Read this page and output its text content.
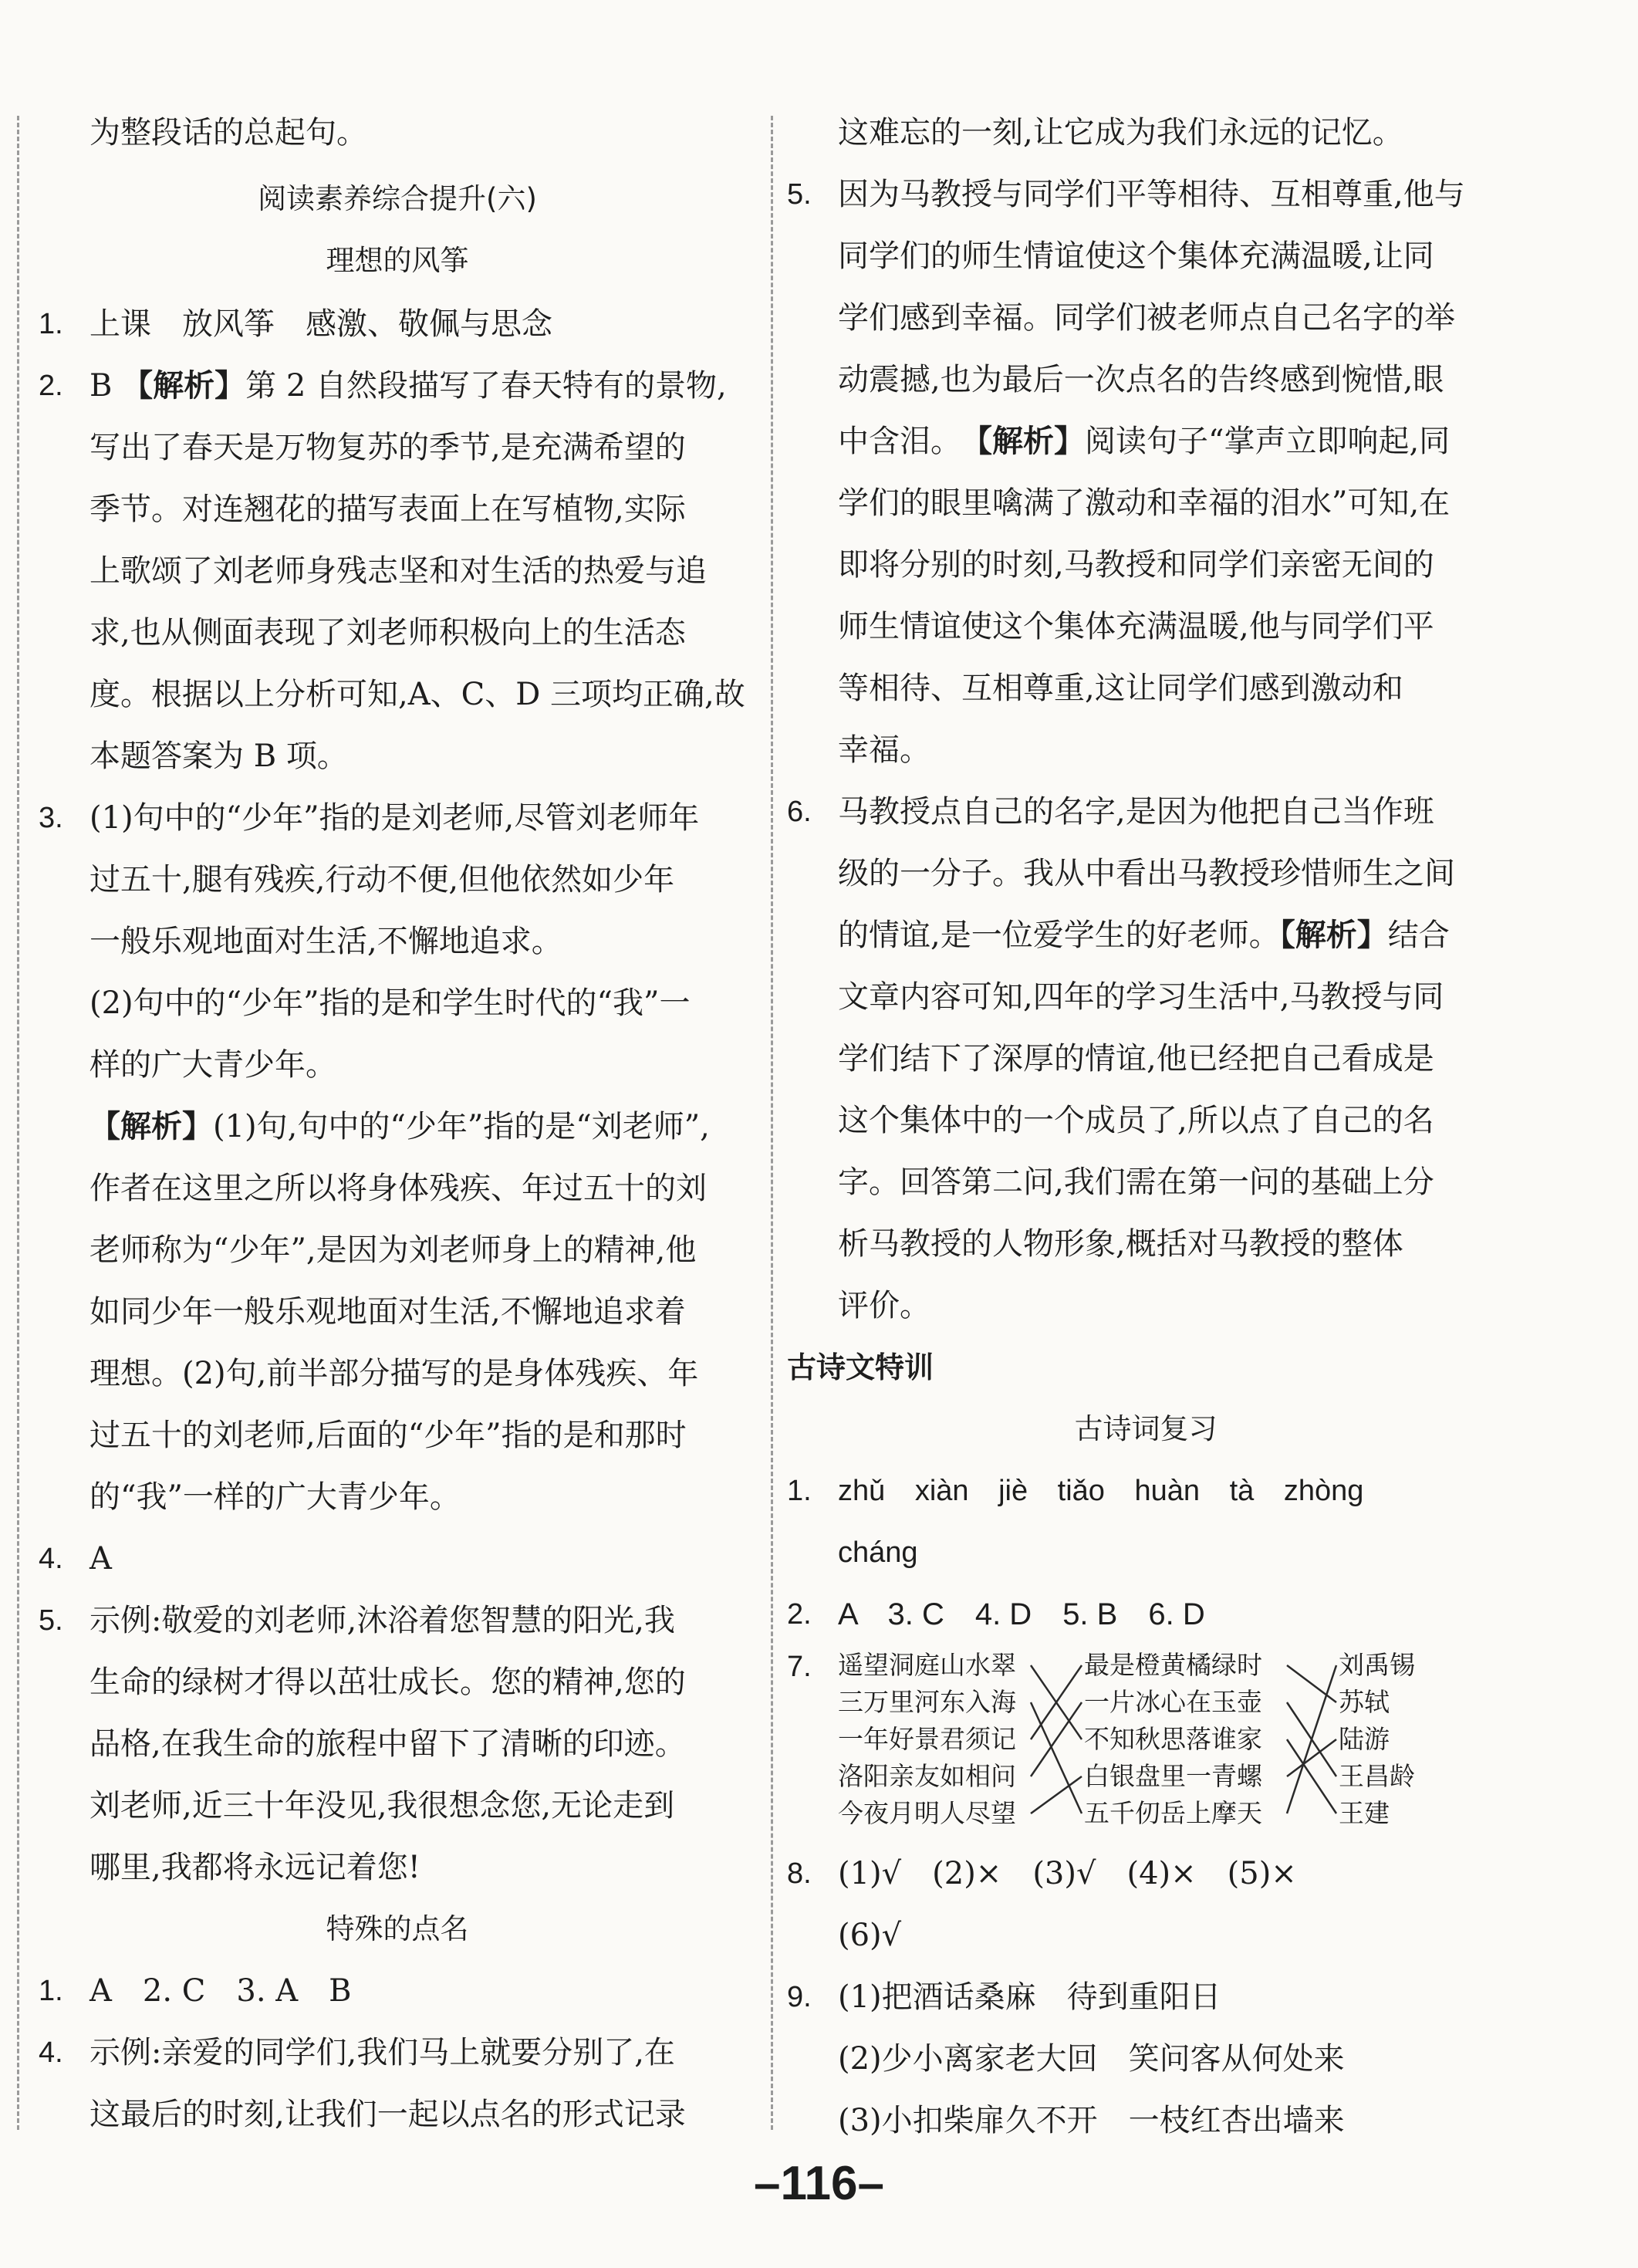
为整段话的总起句。
阅读素养综合提升(六)
理想的风筝
1. 上课　放风筝　感激、敬佩与思念
2. B 【解析】第 2 自然段描写了春天特有的景物,
写出了春天是万物复苏的季节,是充满希望的
季节。对连翘花的描写表面上在写植物,实际
上歌颂了刘老师身残志坚和对生活的热爱与追
求,也从侧面表现了刘老师积极向上的生活态
度。根据以上分析可知,A、C、D 三项均正确,故
本题答案为 B 项。
3. (1)句中的“少年”指的是刘老师,尽管刘老师年
过五十,腿有残疾,行动不便,但他依然如少年
一般乐观地面对生活,不懈地追求。
(2)句中的“少年”指的是和学生时代的“我”一
样的广大青少年。
【解析】(1)句,句中的“少年”指的是“刘老师”,
作者在这里之所以将身体残疾、年过五十的刘
老师称为“少年”,是因为刘老师身上的精神,他
如同少年一般乐观地面对生活,不懈地追求着
理想。(2)句,前半部分描写的是身体残疾、年
过五十的刘老师,后面的“少年”指的是和那时
的“我”一样的广大青少年。
4. A
5. 示例:敬爱的刘老师,沐浴着您智慧的阳光,我
生命的绿树才得以茁壮成长。您的精神,您的
品格,在我生命的旅程中留下了清晰的印迹。
刘老师,近三十年没见,我很想念您,无论走到
哪里,我都将永远记着您!
特殊的点名
1. A　2. C　3. A　B
4. 示例:亲爱的同学们,我们马上就要分别了,在
这最后的时刻,让我们一起以点名的形式记录
这难忘的一刻,让它成为我们永远的记忆。
5. 因为马教授与同学们平等相待、互相尊重,他与
同学们的师生情谊使这个集体充满温暖,让同
学们感到幸福。同学们被老师点自己名字的举
动震撼,也为最后一次点名的告终感到惋惜,眼
中含泪。　 【解析】阅读句子“掌声立即响起,同
学们的眼里噙满了激动和幸福的泪水”可知,在
即将分别的时刻,马教授和同学们亲密无间的
师生情谊使这个集体充满温暖,他与同学们平
等相待、互相尊重,这让同学们感到激动和
幸福。
6. 马教授点自己的名字,是因为他把自己当作班
级的一分子。我从中看出马教授珍惜师生之间
的情谊,是一位爱学生的好老师。【解析】结合
文章内容可知,四年的学习生活中,马教授与同
学们结下了深厚的情谊,他已经把自己看成是
这个集体中的一个成员了,所以点了自己的名
字。回答第二问,我们需在第一问的基础上分
析马教授的人物形象,概括对马教授的整体
评价。
古诗文特训
古诗词复习
1. zhǔ xiàn jiè tiǎo huàn tà zhòng
cháng
2. A　3. C　4. D　5. B　6. D
7. 遥望洞庭山水翠
三万里河东入海
一年好景君须记
洛阳亲友如相问
今夜月明人尽望
最是橙黄橘绿时
一片冰心在玉壶
不知秋思落谁家
白银盘里一青螺
五千仞岳上摩天
刘禹锡
苏轼
陆游
王昌龄
王建
8. (1)√　(2)×　(3)√　(4)×　(5)×
(6)√
9. (1)把酒话桑麻　待到重阳日
(2)少小离家老大回　笑问客从何处来
(3)小扣柴扉久不开　一枝红杏出墙来
–116–
